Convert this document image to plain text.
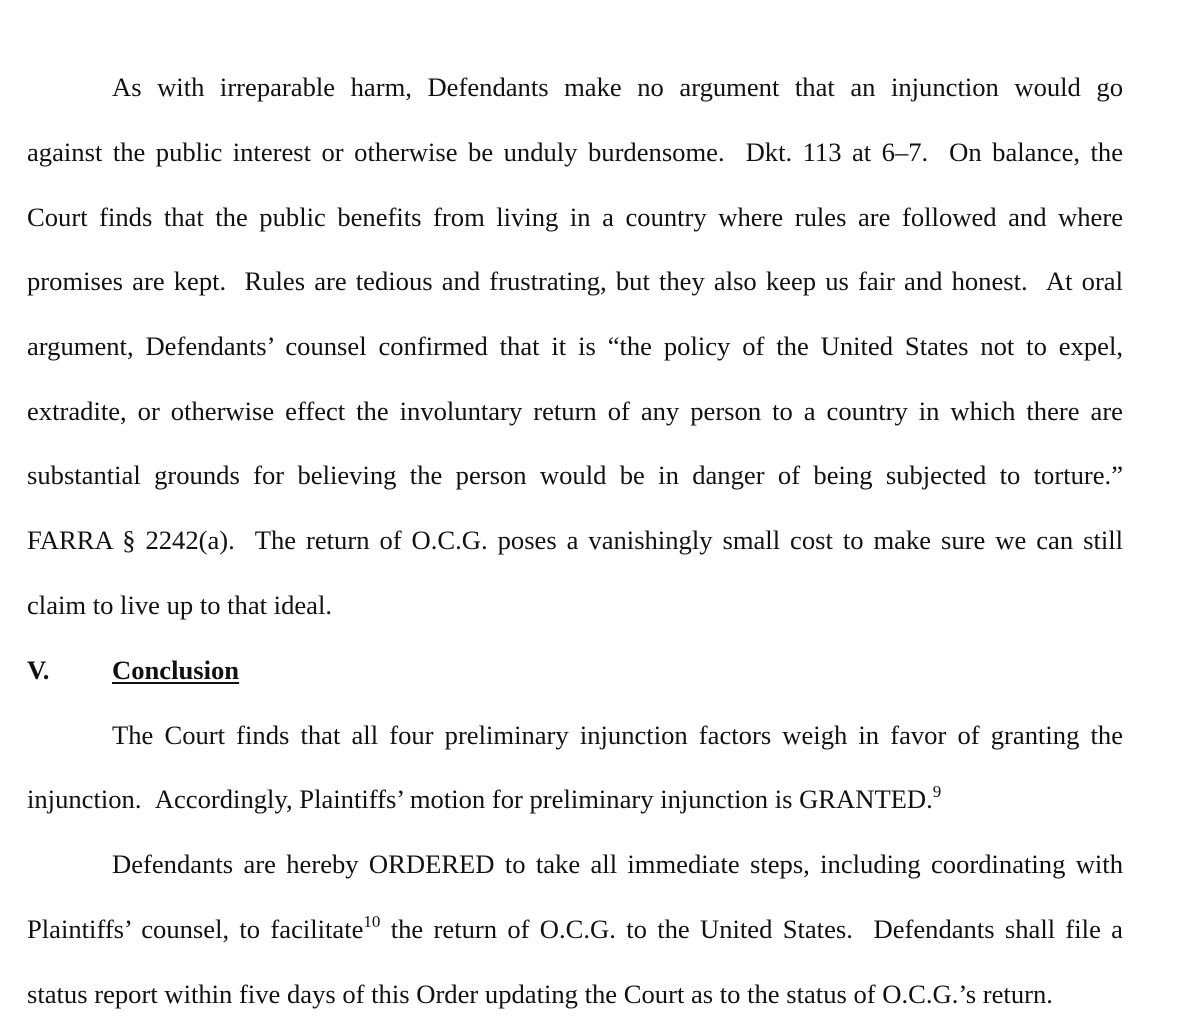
As with irreparable harm, Defendants make no argument that an injunction would go
against the public interest or otherwise be unduly burdensome.  Dkt. 113 at 6–7.  On balance, the
Court finds that the public benefits from living in a country where rules are followed and where
promises are kept.  Rules are tedious and frustrating, but they also keep us fair and honest.  At oral
argument, Defendants’ counsel confirmed that it is “the policy of the United States not to expel,
extradite, or otherwise effect the involuntary return of any person to a country in which there are
substantial grounds for believing the person would be in danger of being subjected to torture.”
FARRA § 2242(a).  The return of O.C.G. poses a vanishingly small cost to make sure we can still
claim to live up to that ideal.
V. Conclusion
The Court finds that all four preliminary injunction factors weigh in favor of granting the
injunction.  Accordingly, Plaintiffs’ motion for preliminary injunction is GRANTED.$^9$
Defendants are hereby ORDERED to take all immediate steps, including coordinating with
Plaintiffs’ counsel, to facilitate$^{10}$ the return of O.C.G. to the United States.  Defendants shall file a
status report within five days of this Order updating the Court as to the status of O.C.G.’s return.
